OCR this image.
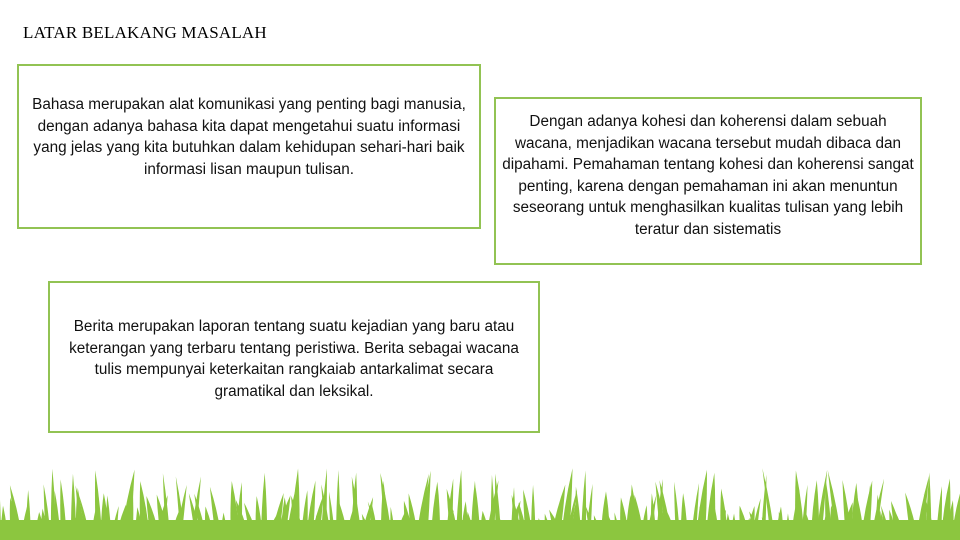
LATAR BELAKANG MASALAH

Bahasa merupakan alat komunikasi yang penting bagi manusia, dengan adanya bahasa kita dapat mengetahui suatu informasi yang jelas yang kita butuhkan dalam kehidupan sehari-hari baik informasi lisan maupun tulisan.

Dengan adanya kohesi dan koherensi dalam sebuah wacana, menjadikan wacana tersebut mudah dibaca dan dipahami. Pemahaman tentang kohesi dan koherensi sangat penting, karena dengan pemahaman ini akan menuntun seseorang untuk menghasilkan kualitas tulisan yang lebih teratur dan sistematis

Berita merupakan laporan tentang suatu kejadian yang baru atau keterangan yang terbaru tentang peristiwa. Berita sebagai wacana tulis mempunyai keterkaitan rangkaiab antarkalimat secara gramatikal dan leksikal.
